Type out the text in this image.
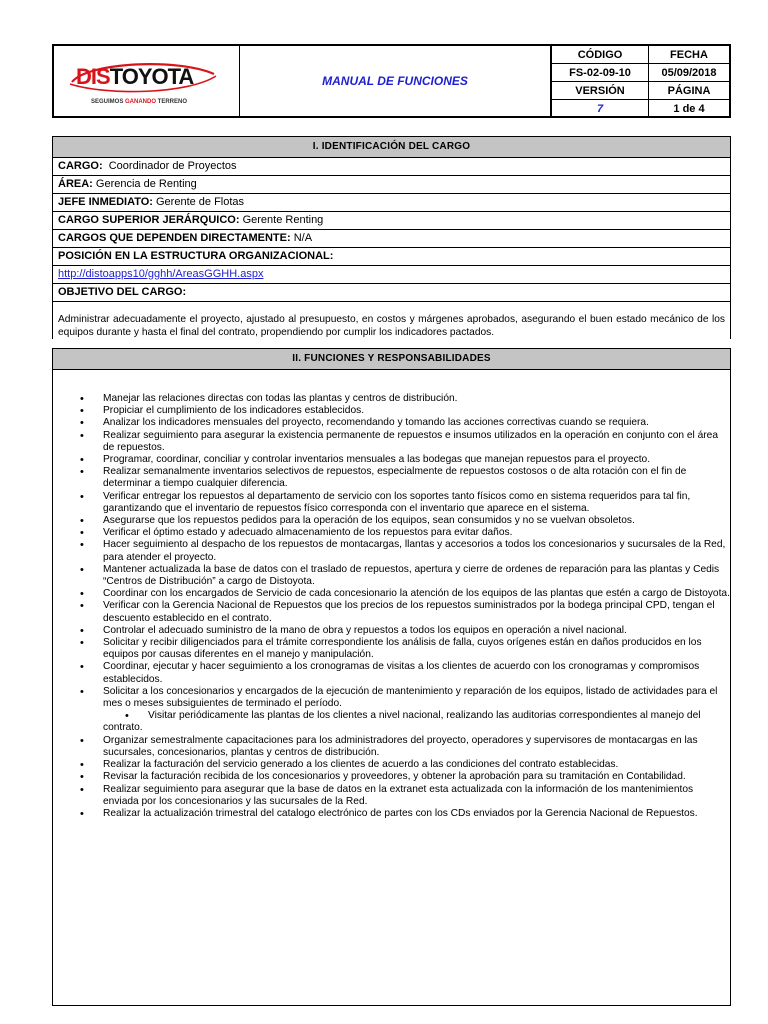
DISTOYOTA
SEGUIMOS GANANDO TERRENO
MANUAL DE FUNCIONES
CÓDIGO	FECHA
FS-02-09-10	05/09/2018
VERSIÓN	PÁGINA
7	1 de 4
I. IDENTIFICACIÓN DEL CARGO
CARGO:  Coordinador de Proyectos
ÁREA: Gerencia de Renting
JEFE INMEDIATO: Gerente de Flotas
CARGO SUPERIOR JERÁRQUICO: Gerente Renting
CARGOS QUE DEPENDEN DIRECTAMENTE: N/A
POSICIÓN EN LA ESTRUCTURA ORGANIZACIONAL:
http://distoapps10/gghh/AreasGGHH.aspx
OBJETIVO DEL CARGO:
Administrar adecuadamente el proyecto, ajustado al presupuesto, en costos y márgenes aprobados, asegurando el buen estado mecánico de los equipos durante y hasta el final del contrato, propendiendo por cumplir los indicadores pactados.
II. FUNCIONES Y RESPONSABILIDADES
• Manejar las relaciones directas con todas las plantas y centros de distribución.
• Propiciar el cumplimiento de los indicadores establecidos.
• Analizar los indicadores mensuales del proyecto, recomendando y tomando las acciones correctivas cuando se requiera.
• Realizar seguimiento para asegurar la existencia permanente de repuestos e insumos utilizados en la operación en conjunto con el área de repuestos.
• Programar, coordinar, conciliar y controlar inventarios mensuales a las bodegas que manejan repuestos para el proyecto.
• Realizar semanalmente inventarios selectivos de repuestos, especialmente de repuestos costosos o de alta rotación con el fin de determinar a tiempo cualquier diferencia.
• Verificar entregar los repuestos al departamento de servicio con los soportes tanto físicos como en sistema requeridos para tal fin, garantizando que el inventario de repuestos físico corresponda con el inventario que aparece en el sistema.
• Asegurarse que los repuestos pedidos para la operación de los equipos, sean consumidos y no se vuelvan obsoletos.
• Verificar el óptimo estado y adecuado almacenamiento de los repuestos para evitar daños.
• Hacer seguimiento al despacho de los repuestos de montacargas, llantas y accesorios a todos los concesionarios y sucursales de la Red, para atender el proyecto.
• Mantener actualizada la base de datos con el traslado de repuestos, apertura y cierre de ordenes de reparación para las plantas y Cedis “Centros de Distribución” a cargo de Distoyota.
• Coordinar con los encargados de Servicio de cada concesionario la atención de los equipos de las plantas que estén a cargo de Distoyota.
• Verificar con la Gerencia Nacional de Repuestos que los precios de los repuestos suministrados por la bodega principal CPD, tengan el descuento establecido en el contrato.
• Controlar el adecuado suministro de la mano de obra y repuestos a todos los equipos en operación a nivel nacional.
• Solicitar y recibir diligenciados para el trámite correspondiente los análisis de falla, cuyos orígenes están en daños producidos en los equipos por causas diferentes en el manejo y manipulación.
• Coordinar, ejecutar y hacer seguimiento a los cronogramas de visitas a los clientes de acuerdo con los cronogramas y compromisos establecidos.
• Solicitar a los concesionarios y encargados de la ejecución de mantenimiento y reparación de los equipos, listado de actividades para el mes o meses subsiguientes de terminado el período.
• Visitar periódicamente las plantas de los clientes a nivel nacional, realizando las auditorias correspondientes al manejo del contrato.
• Organizar semestralmente capacitaciones para los administradores del proyecto, operadores y supervisores de montacargas en las sucursales, concesionarios, plantas y centros de distribución.
• Realizar la facturación del servicio generado a los clientes de acuerdo a las condiciones del contrato establecidas.
• Revisar la facturación recibida de los concesionarios y proveedores, y obtener la aprobación para su tramitación en Contabilidad.
• Realizar seguimiento para asegurar que la base de datos en la extranet esta actualizada con la información de los mantenimientos enviada por los concesionarios y las sucursales de la Red.
• Realizar la actualización trimestral del catalogo electrónico de partes con los CDs enviados por la Gerencia Nacional de Repuestos.
